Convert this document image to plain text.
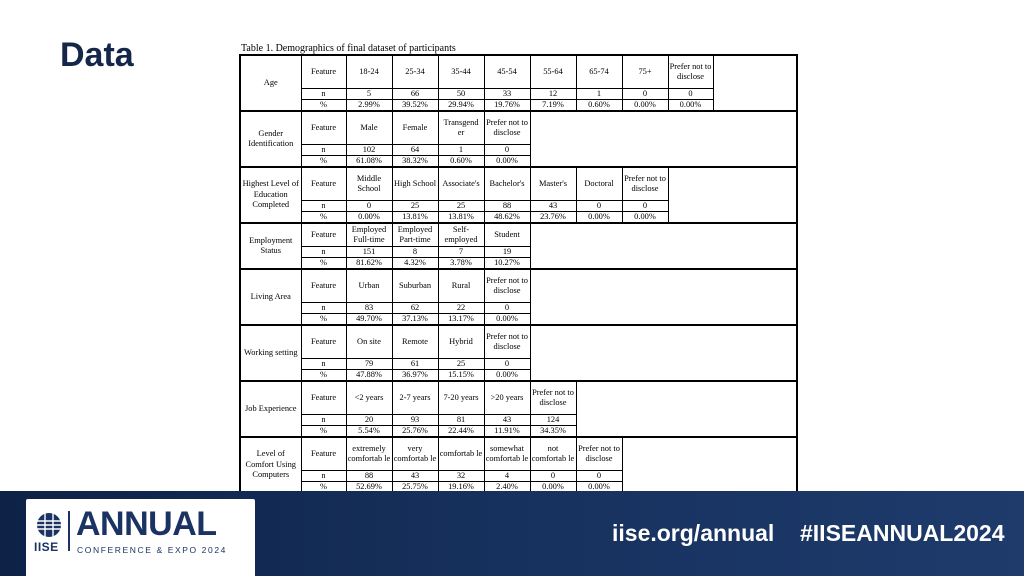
Data	Table 1. Demographics of final dataset of participants
Age	Feature	18-24	25-34	35-44	45-54	55-64	65-74	75+	Prefer not to disclose	
	n	5	66	50	33	12	1	0	0	
	%	2.99%	39.52%	29.94%	19.76%	7.19%	0.60%	0.00%	0.00%	
Gender Identification	Feature	Male	Female	Transgend er	Prefer not to disclose					
	n	102	64	1	0					
	%	61.08%	38.32%	0.60%	0.00%					
Highest Level of Education Completed	Feature	Middle School	High School	Associate's	Bachelor's	Master's	Doctoral	Prefer not to disclose		
	n	0	25	25	88	43	0	0		
	%	0.00%	13.81%	13.81%	48.62%	23.76%	0.00%	0.00%		
Employment Status	Feature	Employed Full-time	Employed Part-time	Self-employed	Student					
	n	151	8	7	19					
	%	81.62%	4.32%	3.78%	10.27%					
Living Area	Feature	Urban	Suburban	Rural	Prefer not to disclose					
	n	83	62	22	0					
	%	49.70%	37.13%	13.17%	0.00%					
Working setting	Feature	On site	Remote	Hybrid	Prefer not to disclose					
	n	79	61	25	0					
	%	47.88%	36.97%	15.15%	0.00%					
Job Experience	Feature	<2 years	2-7 years	7-20 years	>20 years	Prefer not to disclose				
	n	20	93	81	43	124				
	%	5.54%	25.76%	22.44%	11.91%	34.35%				
Level of Comfort Using Computers	Feature	extremely comfortab le	very comfortab le	comfortab le	somewhat comfortab le	not comfortab le	Prefer not to disclose			
	n	88	43	32	4	0	0			
	%	52.69%	25.75%	19.16%	2.40%	0.00%	0.00%			
IISE
ANNUAL
CONFERENCE & EXPO 2024
iise.org/annual #IISEANNUAL2024
